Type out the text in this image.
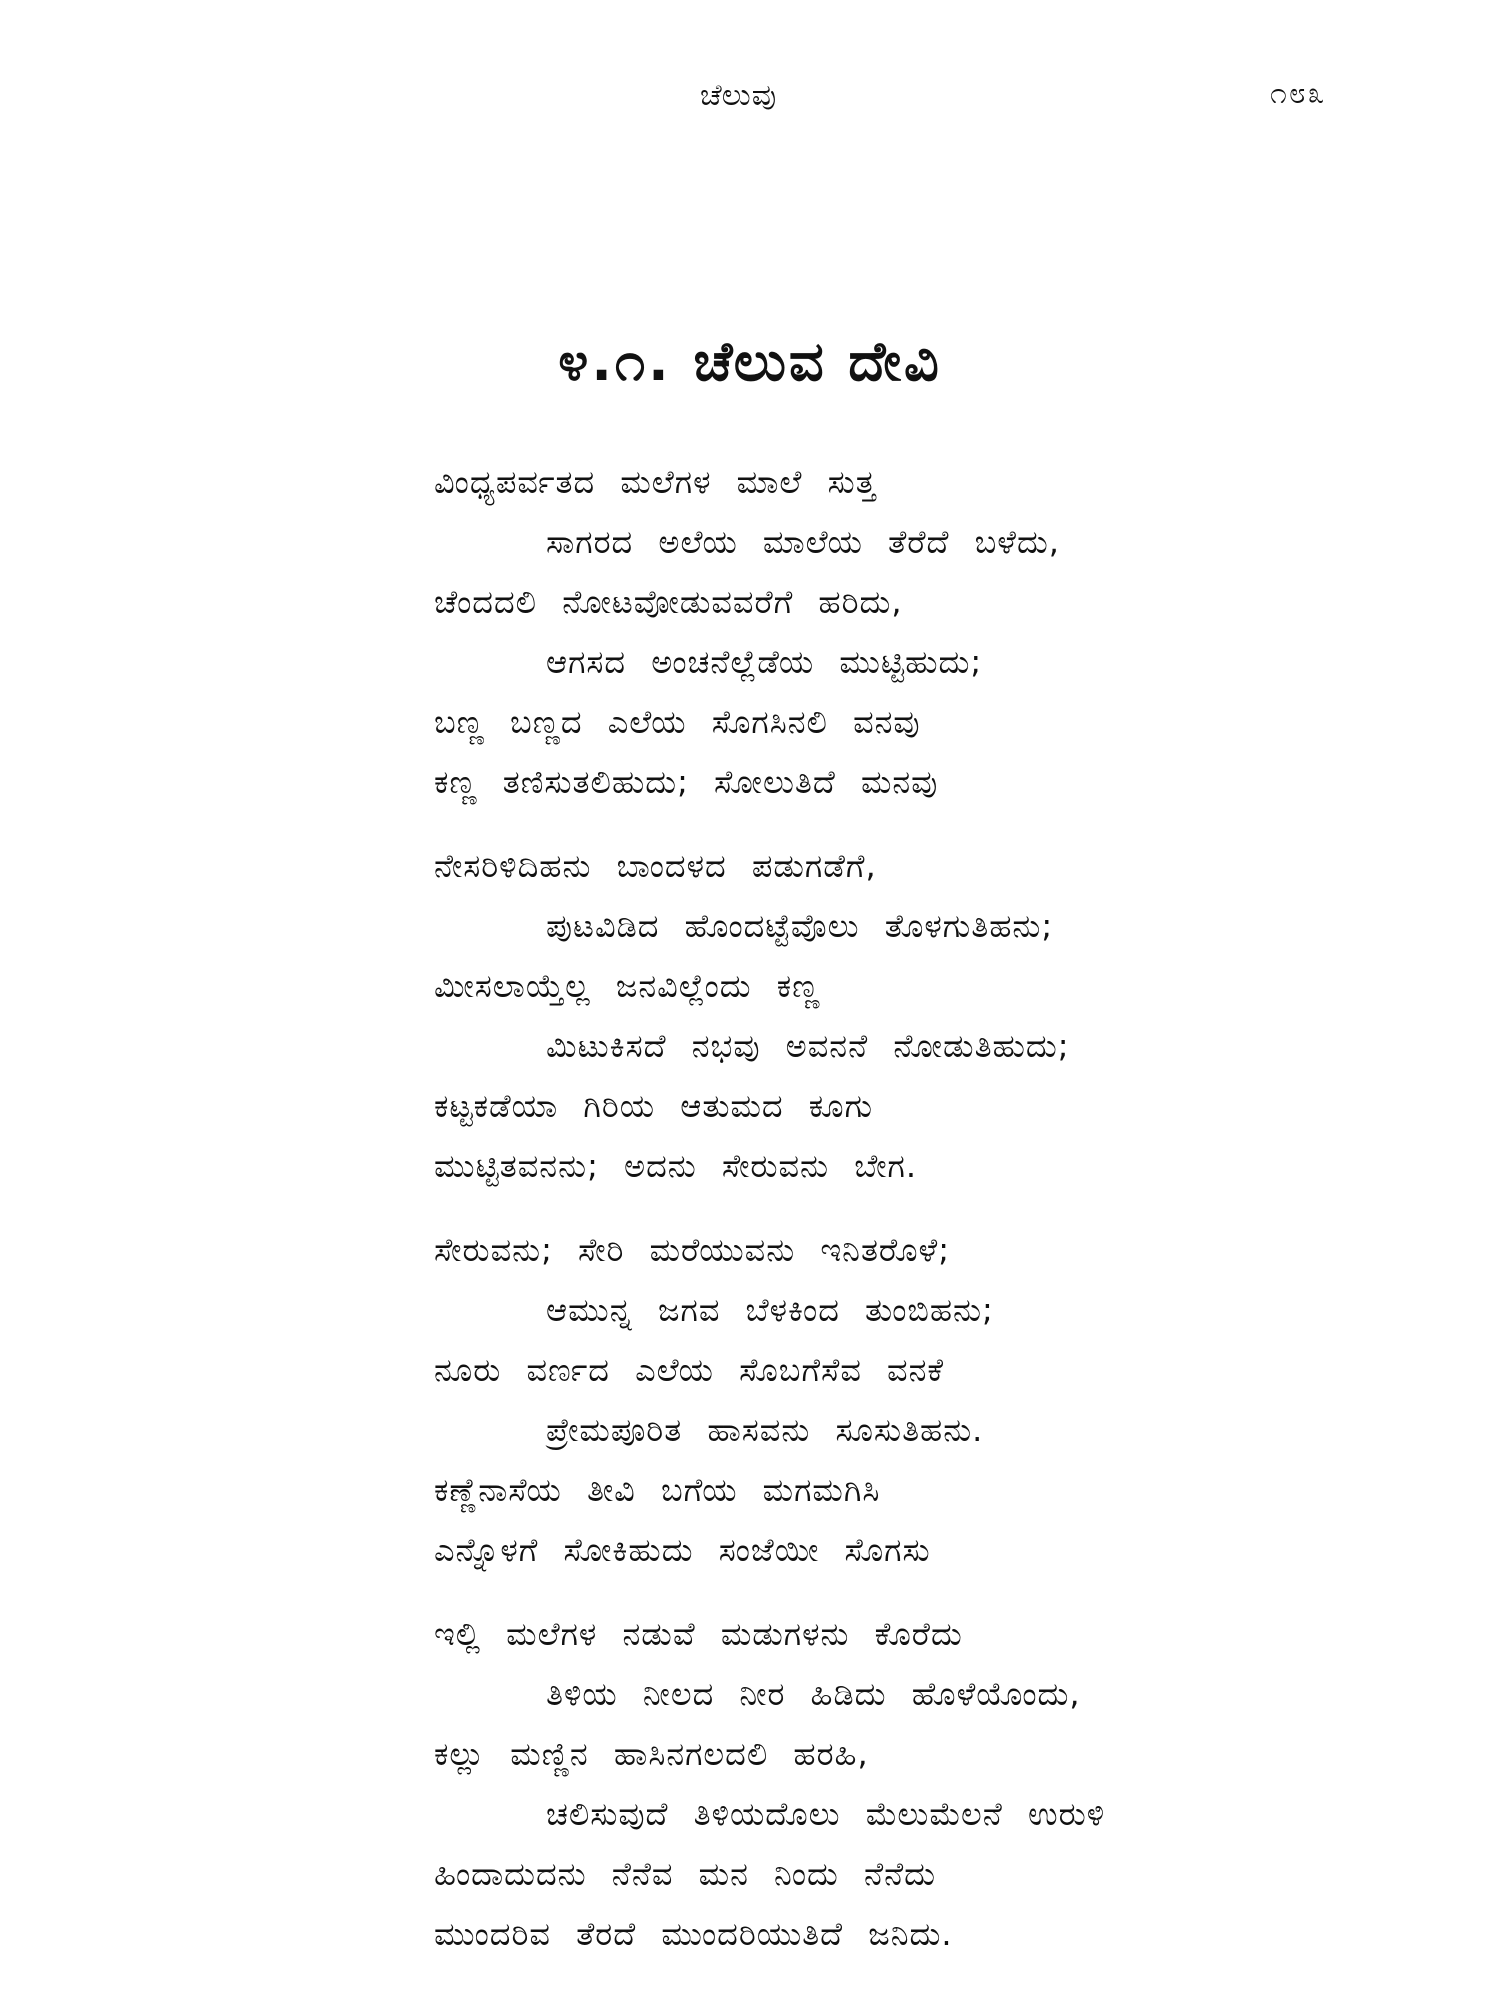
ಚೆಲುವು	೧೮೩
೪.೧. ಚೆಲುವ ದೇವಿ
ವಿಂಧ್ಯಪರ್ವತದ ಮಲೆಗಳ ಮಾಲೆ ಸುತ್ತ
ಸಾಗರದ ಅಲೆಯ ಮಾಲೆಯ ತೆರೆದೆ ಬಳೆದು,
ಚೆಂದದಲಿ ನೋಟವೋಡುವವರೆಗೆ ಹರಿದು,
ಆಗಸದ ಅಂಚನೆಲ್ಲೆಡೆಯ ಮುಟ್ಟಿಹುದು;
ಬಣ್ಣ ಬಣ್ಣದ ಎಲೆಯ ಸೊಗಸಿನಲಿ ವನವು
ಕಣ್ಣ ತಣಿಸುತಲಿಹುದು; ಸೋಲುತಿದೆ ಮನವು
ನೇಸರಿಳಿದಿಹನು ಬಾಂದಳದ ಪಡುಗಡೆಗೆ,
ಪುಟವಿಡಿದ ಹೊಂದಟ್ಟೆವೊಲು ತೊಳಗುತಿಹನು;
ಮೀಸಲಾಯ್ತೆಲ್ಲ ಜನವಿಲ್ಲೆಂದು ಕಣ್ಣ
ಮಿಟುಕಿಸದೆ ನಭವು ಅವನನೆ ನೋಡುತಿಹುದು;
ಕಟ್ಟಕಡೆಯಾ ಗಿರಿಯ ಆತುಮದ ಕೂಗು
ಮುಟ್ಟಿತವನನು; ಅದನು ಸೇರುವನು ಬೇಗ.
ಸೇರುವನು; ಸೇರಿ ಮರೆಯುವನು ಇನಿತರೊಳೆ;
ಆಮುನ್ನ ಜಗವ ಬೆಳಕಿಂದ ತುಂಬಿಹನು;
ನೂರು ವರ್ಣದ ಎಲೆಯ ಸೊಬಗೆಸೆವ ವನಕೆ
ಪ್ರೇಮಪೂರಿತ ಹಾಸವನು ಸೂಸುತಿಹನು.
ಕಣ್ಣೆನಾಸೆಯ ತೀವಿ ಬಗೆಯ ಮಗಮಗಿಸಿ
ಎನ್ನೊಳಗೆ ಸೋಕಿಹುದು ಸಂಜೆಯೀ ಸೊಗಸು
ಇಲ್ಲಿ ಮಲೆಗಳ ನಡುವೆ ಮಡುಗಳನು ಕೊರೆದು
ತಿಳಿಯ ನೀಲದ ನೀರ ಹಿಡಿದು ಹೊಳೆಯೊಂದು,
ಕಲ್ಲು ಮಣ್ಣಿನ ಹಾಸಿನಗಲದಲಿ ಹರಹಿ,
ಚಲಿಸುವುದೆ ತಿಳಿಯದೊಲು ಮೆಲುಮೆಲನೆ ಉರುಳಿ
ಹಿಂದಾದುದನು ನೆನೆವ ಮನ ನಿಂದು ನೆನೆದು
ಮುಂದರಿವ ತೆರದೆ ಮುಂದರಿಯುತಿದೆ ಜನಿದು.
